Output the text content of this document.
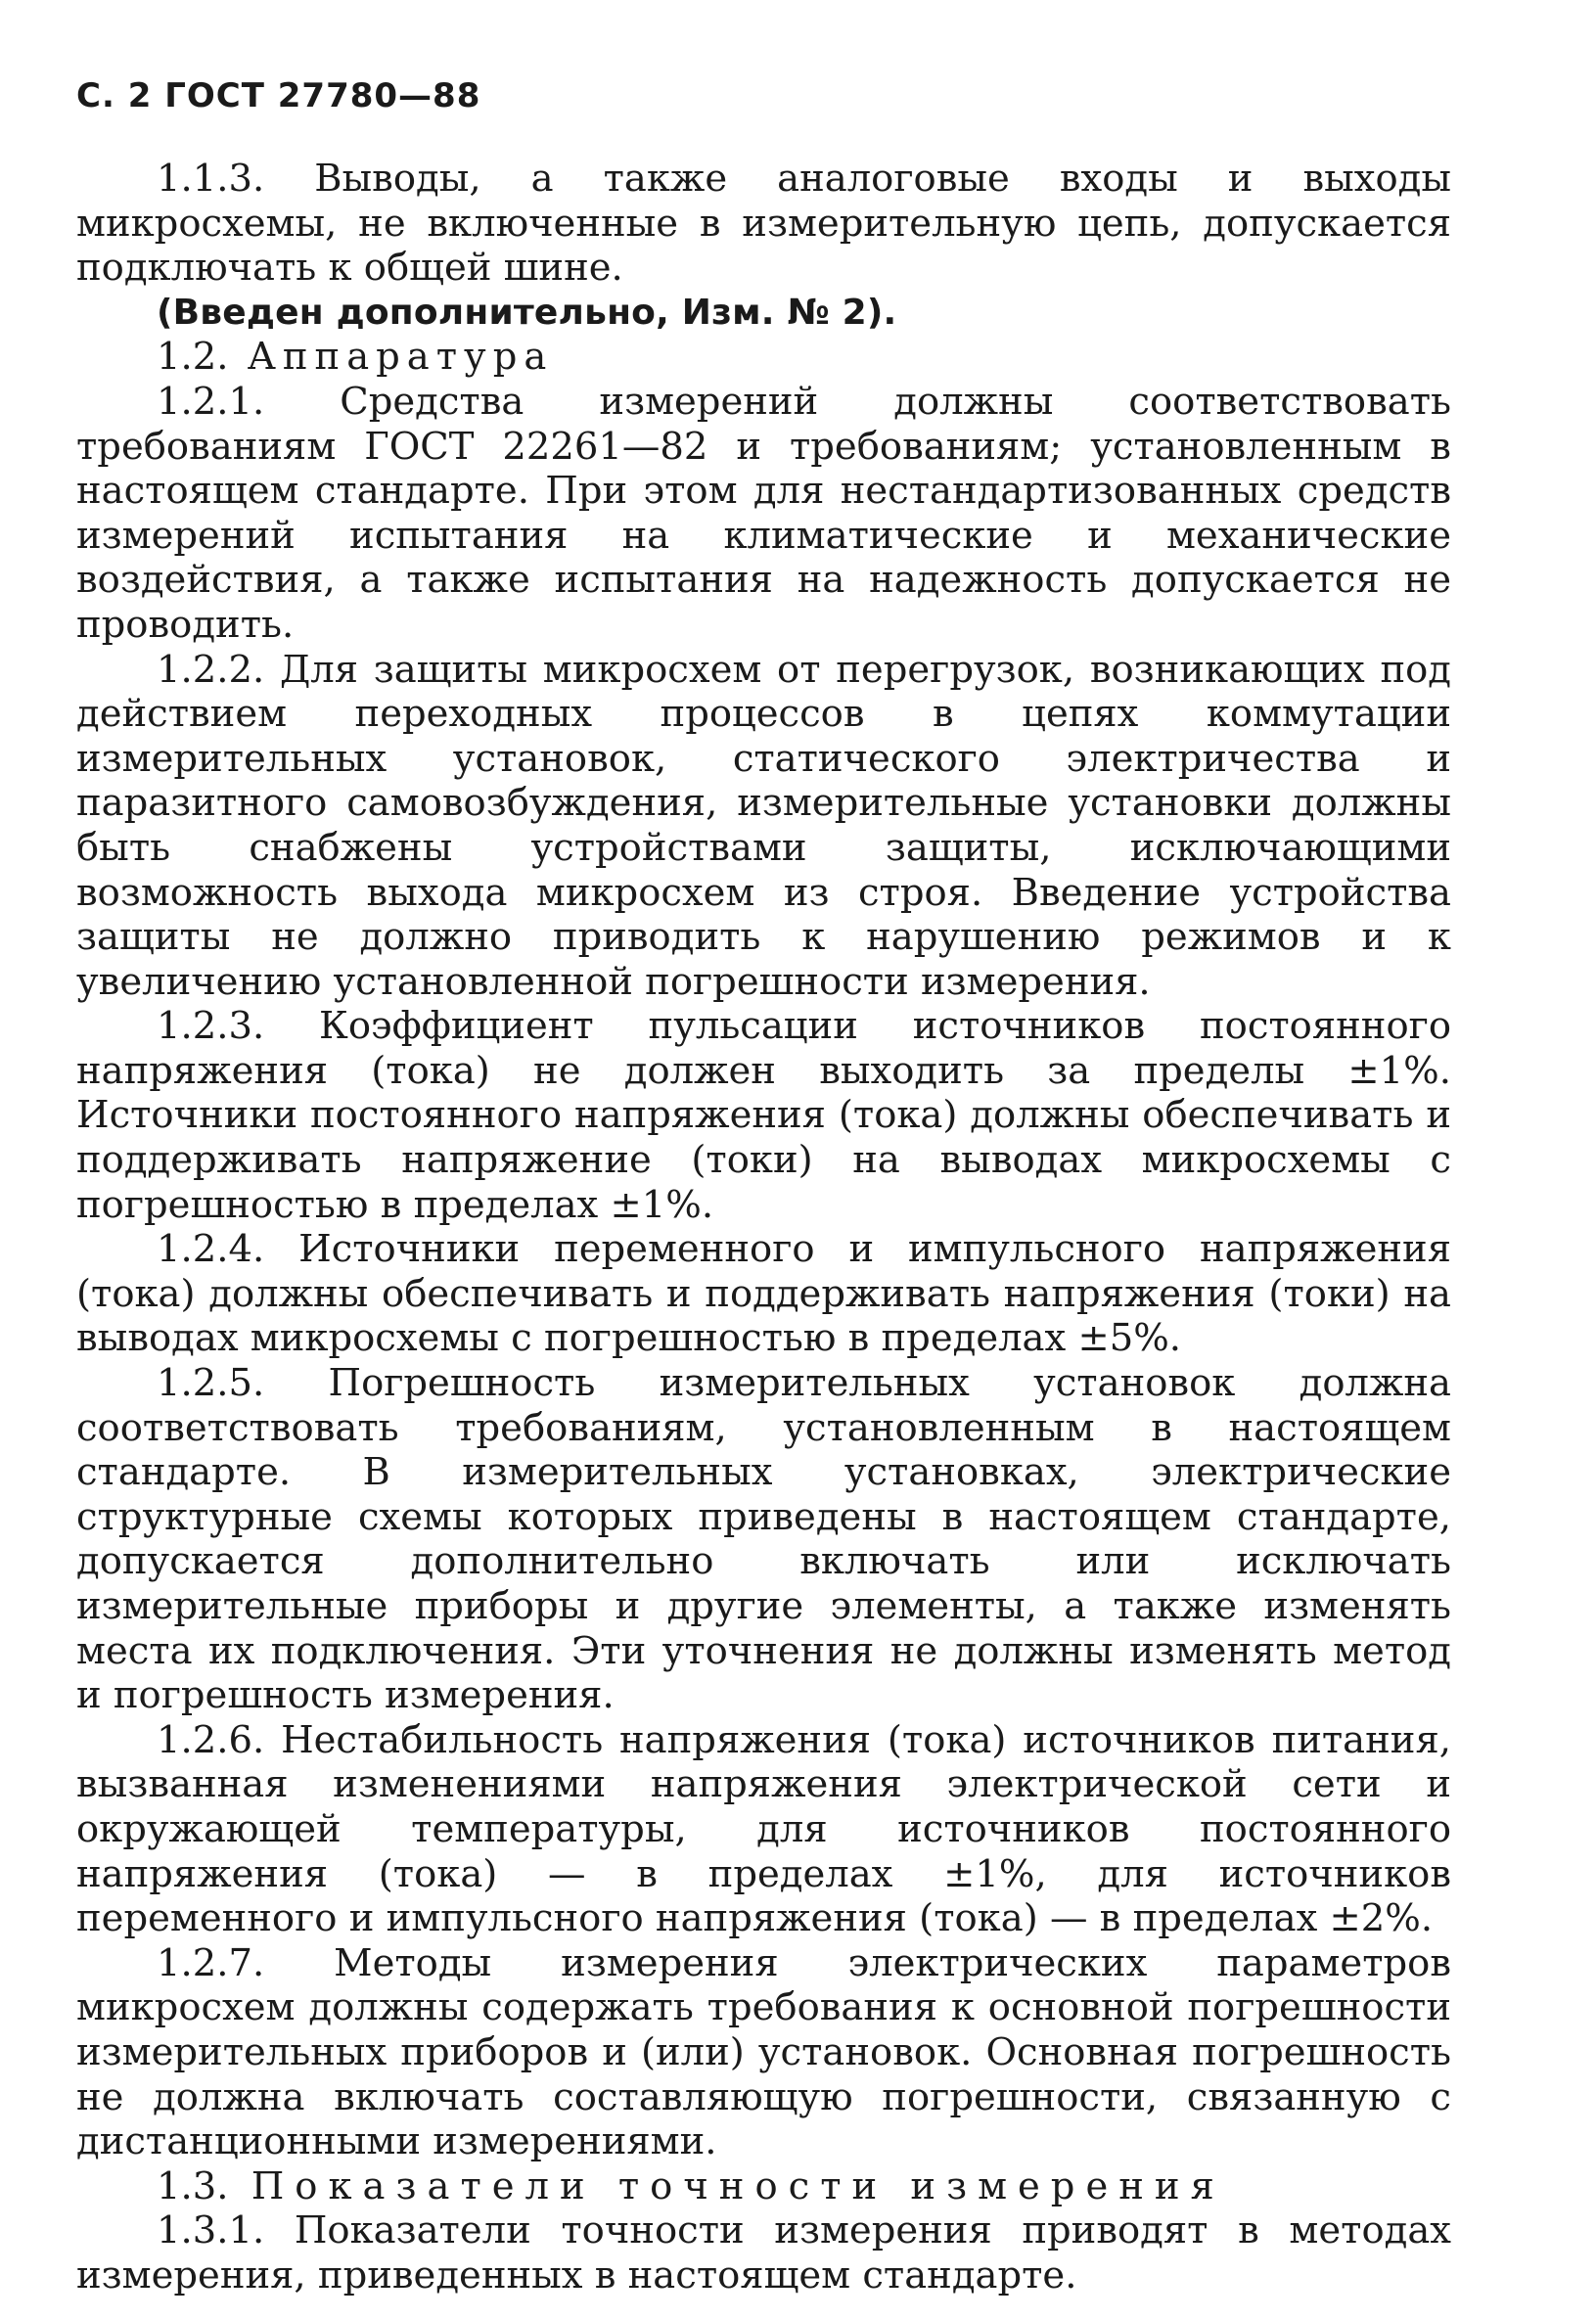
С. 2 ГОСТ 27780—88

1.1.3. Выводы, а также аналоговые входы и выходы микросхемы, не включенные в измерительную цепь, допускается подключать к общей шине.

(Введен дополнительно, Изм. № 2).

1.2. Аппаратура

1.2.1. Средства измерений должны соответствовать требованиям ГОСТ 22261—82 и требованиям; установленным в настоящем стандарте. При этом для нестандартизованных средств измерений испытания на климатические и механические воздействия, а также испытания на надежность допускается не проводить.

1.2.2. Для защиты микросхем от перегрузок, возникающих под действием переходных процессов в цепях коммутации измерительных установок, статического электричества и паразитного самовозбуждения, измерительные установки должны быть снабжены устройствами защиты, исключающими возможность выхода микросхем из строя. Введение устройства защиты не должно приводить к нарушению режимов и к увеличению установленной погрешности измерения.

1.2.3. Коэффициент пульсации источников постоянного напряжения (тока) не должен выходить за пределы ±1%. Источники постоянного напряжения (тока) должны обеспечивать и поддерживать напряжение (токи) на выводах микросхемы с погрешностью в пределах ±1%.

1.2.4. Источники переменного и импульсного напряжения (тока) должны обеспечивать и поддерживать напряжения (токи) на выводах микросхемы с погрешностью в пределах ±5%.

1.2.5. Погрешность измерительных установок должна соответствовать требованиям, установленным в настоящем стандарте. В измерительных установках, электрические структурные схемы которых приведены в настоящем стандарте, допускается дополнительно включать или исключать измерительные приборы и другие элементы, а также изменять места их подключения. Эти уточнения не должны изменять метод и погрешность измерения.

1.2.6. Нестабильность напряжения (тока) источников питания, вызванная изменениями напряжения электрической сети и окружающей температуры, для источников постоянного напряжения (тока) — в пределах ±1%, для источников переменного и импульсного напряжения (тока) — в пределах ±2%.

1.2.7. Методы измерения электрических параметров микросхем должны содержать требования к основной погрешности измерительных приборов и (или) установок. Основная погрешность не должна включать составляющую погрешности, связанную с дистанционными измерениями.

1.3. Показатели точности измерения

1.3.1. Показатели точности измерения приводят в методах измерения, приведенных в настоящем стандарте.
